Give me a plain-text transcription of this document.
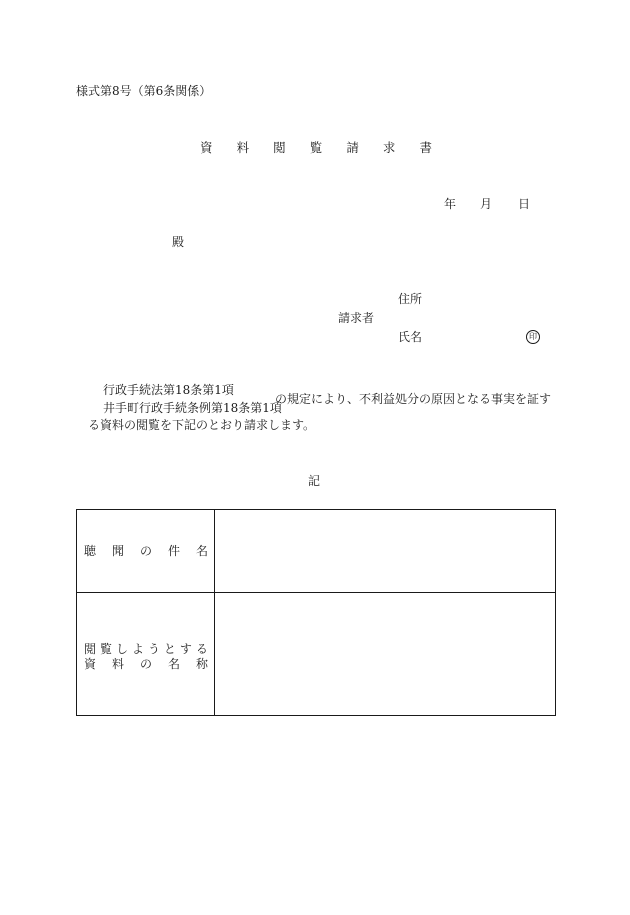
様式第8号（第6条関係）
資 料 閲 覧 請 求 書
年 月 日
殿
住所
請求者
氏名	印
行政手続法第18条第1項
井手町行政手続条例第18条第1項
の規定により、不利益処分の原因となる事実を証す
る資料の閲覧を下記のとおり請求します。
記
聴 聞 の 件 名
閲 覧 し よ う と す る
資 料 の 名 称
